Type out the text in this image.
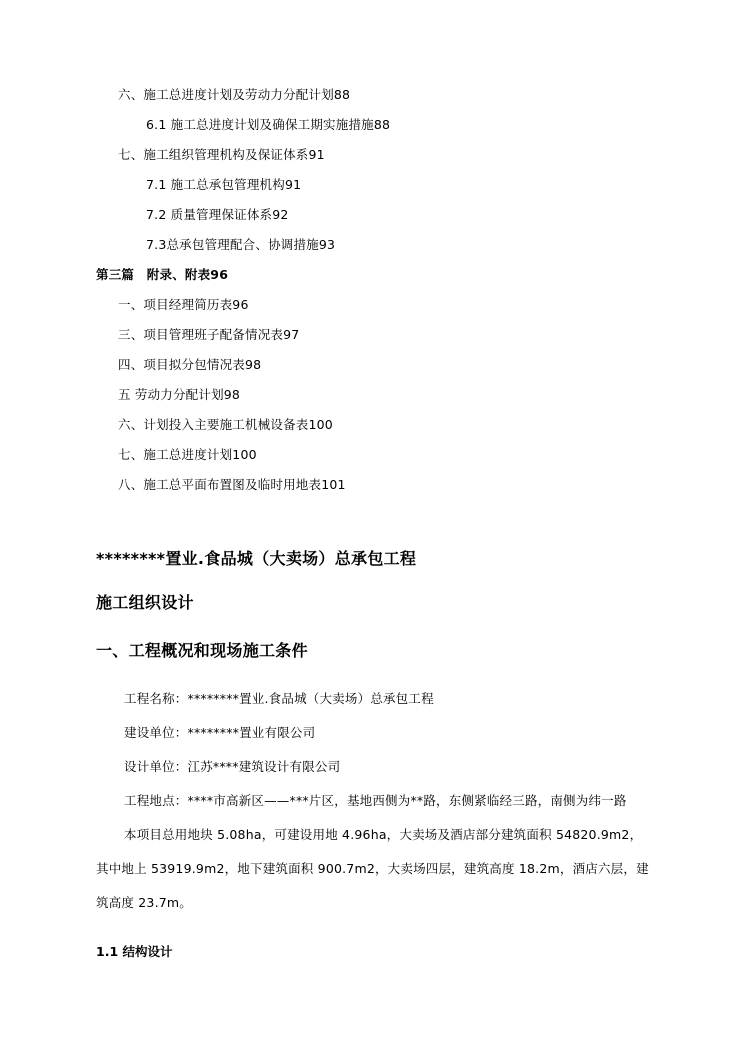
六、施工总进度计划及劳动力分配计划88
6.1 施工总进度计划及确保工期实施措施88
七、施工组织管理机构及保证体系91
7.1 施工总承包管理机构91
7.2 质量管理保证体系92
7.3总承包管理配合、协调措施93
第三篇　附录、附表96
一、项目经理简历表96
三、项目管理班子配备情况表97
四、项目拟分包情况表98
五 劳动力分配计划98
六、计划投入主要施工机械设备表100
七、施工总进度计划100
八、施工总平面布置图及临时用地表101
********置业.食品城（大卖场）总承包工程
施工组织设计
一、工程概况和现场施工条件
工程名称：********置业.食品城（大卖场）总承包工程
建设单位：********置业有限公司
设计单位：江苏****建筑设计有限公司
工程地点：****市高新区——***片区，基地西侧为**路，东侧紧临经三路，南侧为纬一路
本项目总用地块 5.08ha，可建设用地 4.96ha，大卖场及酒店部分建筑面积 54820.9m2，其中地上 53919.9m2，地下建筑面积 900.7m2，大卖场四层，建筑高度 18.2m，酒店六层，建筑高度 23.7m。
1.1 结构设计
